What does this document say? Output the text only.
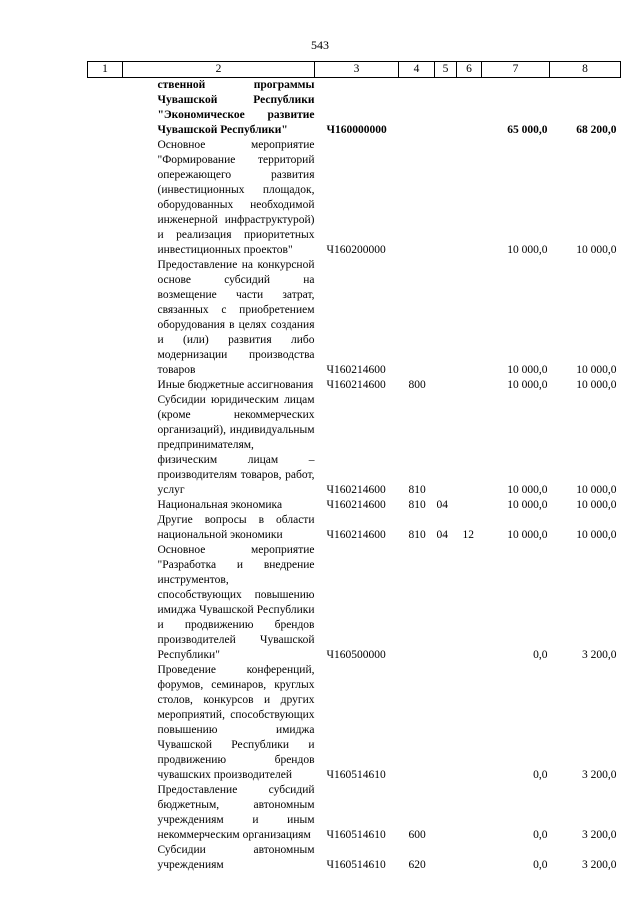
543
1	2	3	4	5	6	7	8
	ственной программы Чувашской Республики "Экономическое развитие Чувашской Республики"	Ч160000000				65 000,0	68 200,0
	Основное мероприятие "Формирование территорий опережающего развития (инвестиционных площадок, оборудованных необходимой инженерной инфраструктурой) и реализация приоритетных инвестиционных проектов"	Ч160200000				10 000,0	10 000,0
	Предоставление на конкурсной основе субсидий на возмещение части затрат, связанных с приобретением оборудования в целях создания и (или) развития либо модернизации производства товаров	Ч160214600				10 000,0	10 000,0
	Иные бюджетные ассигнования	Ч160214600	800			10 000,0	10 000,0
	Субсидии юридическим лицам (кроме некоммерческих организаций), индивидуальным предпринимателям, физическим лицам – производителям товаров, работ, услуг	Ч160214600	810			10 000,0	10 000,0
	Национальная экономика	Ч160214600	810	04		10 000,0	10 000,0
	Другие вопросы в области национальной экономики	Ч160214600	810	04	12	10 000,0	10 000,0
	Основное мероприятие "Разработка и внедрение инструментов, способствующих повышению имиджа Чувашской Республики и продвижению брендов производителей Чувашской Республики"	Ч160500000				0,0	3 200,0
	Проведение конференций, форумов, семинаров, круглых столов, конкурсов и других мероприятий, способствующих повышению имиджа Чувашской Республики и продвижению брендов чувашских производителей	Ч160514610				0,0	3 200,0
	Предоставление субсидий бюджетным, автономным учреждениям и иным некоммерческим организациям	Ч160514610	600			0,0	3 200,0
	Субсидии автономным учреждениям	Ч160514610	620			0,0	3 200,0
